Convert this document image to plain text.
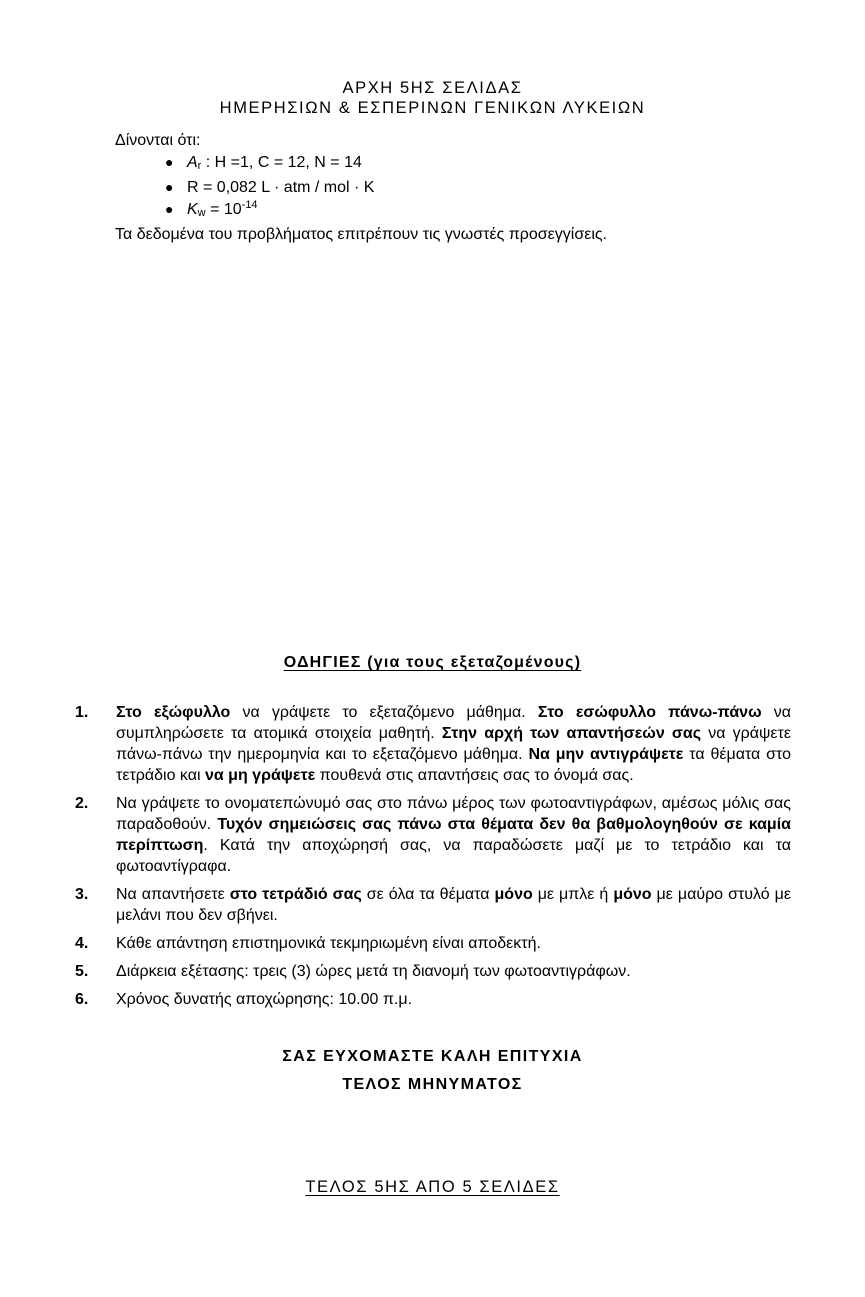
ΑΡΧΗ 5ΗΣ ΣΕΛΙΔΑΣ
ΗΜΕΡΗΣΙΩΝ & ΕΣΠΕΡΙΝΩΝ ΓΕΝΙΚΩΝ ΛΥΚΕΙΩΝ
Δίνονται ότι:
● $A_r$ : H =1, C = 12, N = 14
● R = 0,082 L · atm / mol · K
● $K_w = 10^{-14}$
Τα δεδομένα του προβλήματος επιτρέπουν τις γνωστές προσεγγίσεις.
ΟΔΗΓΙΕΣ (για τους εξεταζομένους)
1. Στο εξώφυλλο να γράψετε το εξεταζόμενο μάθημα. Στο εσώφυλλο πάνω-πάνω να συμπληρώσετε τα ατομικά στοιχεία μαθητή. Στην αρχή των απαντήσεών σας να γράψετε πάνω-πάνω την ημερομηνία και το εξεταζόμενο μάθημα. Να μην αντιγράψετε τα θέματα στο τετράδιο και να μη γράψετε πουθενά στις απαντήσεις σας το όνομά σας.
2. Να γράψετε το ονοματεπώνυμό σας στο πάνω μέρος των φωτοαντιγράφων, αμέσως μόλις σας παραδοθούν. Τυχόν σημειώσεις σας πάνω στα θέματα δεν θα βαθμολογηθούν σε καμία περίπτωση. Κατά την αποχώρησή σας, να παραδώσετε μαζί με το τετράδιο και τα φωτοαντίγραφα.
3. Να απαντήσετε στο τετράδιό σας σε όλα τα θέματα μόνο με μπλε ή μόνο με μαύρο στυλό με μελάνι που δεν σβήνει.
4. Κάθε απάντηση επιστημονικά τεκμηριωμένη είναι αποδεκτή.
5. Διάρκεια εξέτασης: τρεις (3) ώρες μετά τη διανομή των φωτοαντιγράφων.
6. Χρόνος δυνατής αποχώρησης: 10.00 π.μ.
ΣΑΣ ΕΥΧΟΜΑΣΤΕ ΚΑΛΗ ΕΠΙΤΥΧΙΑ
ΤΕΛΟΣ ΜΗΝΥΜΑΤΟΣ
ΤΕΛΟΣ 5ΗΣ ΑΠΟ 5 ΣΕΛΙΔΕΣ
